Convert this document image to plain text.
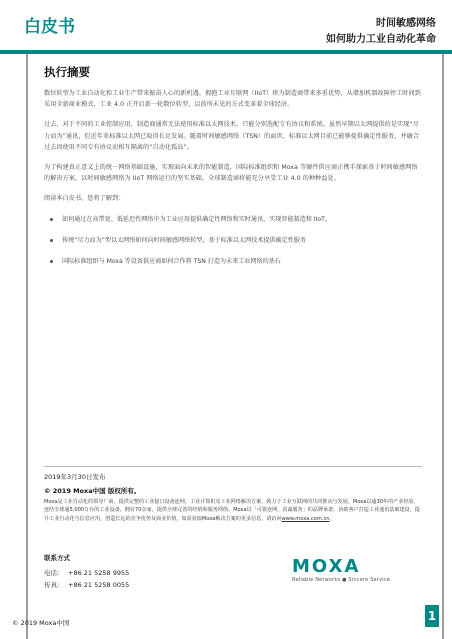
白皮书	时间敏感网络
如何助力工业自动化革命
执行摘要

数位转型为工业自动化和工业生产带来振奋人心的新机遇。拥抱工业互联网（IIoT）将为制造商带来多重优势，从增加机器故障停工时间到采用全新商业模式，工业 4.0 正开启新一轮数位转型，以前所未见的方式变革着全球经济。

过去，对于不同的工业控制应用，制造商通常无法使用标准以太网技术，只能分别选配专有协议和系统。虽然早期以太网提供的是实现“尽力而为”通讯，但近年来标准以太网已取得长足发展。随着时间敏感网络（TSN）的面世，标准以太网目前已能够提供确定性服务，并融合过去因使用不同专有协议而相互隔离的“自动化孤岛”。

为了构建真正意义上的统一网络基础设施，实现面向未来的智能制造，国际标准组织和 Moxa 等硬件供应商正携手探索基于时间敏感网络的解决方案，以时间敏感网络为 IIoT 网络运行的坚实基础，全球制造商将能充分享受工业 4.0 的种种益处。

阅读本白皮书，您将了解到：

如何通过在高带宽、低延迟性网络中为工业应用提供确定性网络和实时通讯，实现智能制造和 IIoT。
传统“尽力而为”型以太网络如何向时间敏感网络转型，基于标准以太网技术提供确定性服务
国际标准组织与 Moxa 等设备供应商如何合作将 TSN 打造为未来工业网络的基石
2019年3月30日发布
© 2019 Moxa中国 版权所有。
Moxa是工业自动化的领导厂商，提供完整的工业接口设备连网、工业计算机及工业网络解决方案，致力于工业互联网的共同推动与发展。Moxa以逾30年的产业经验，连结全球逾5,000万台的工业设备，拥有70余家，提供全球完善的经销和服务网络。Moxa以「可靠连网，真诚服务」的品牌承诺，协助客户打造工业通讯基础建设，提升工业自动化与信息应用，创造长远的竞争优势及商业价值。如需获取Moxa解决方案的更多信息，请访问www.moxa.com.cn。
联系方式
电话: +86 21 5258 9955
传真: +86 21 5258 0055
MOXA
Reliable Networks ● Sincere Service
© 2019 Moxa中国	1
